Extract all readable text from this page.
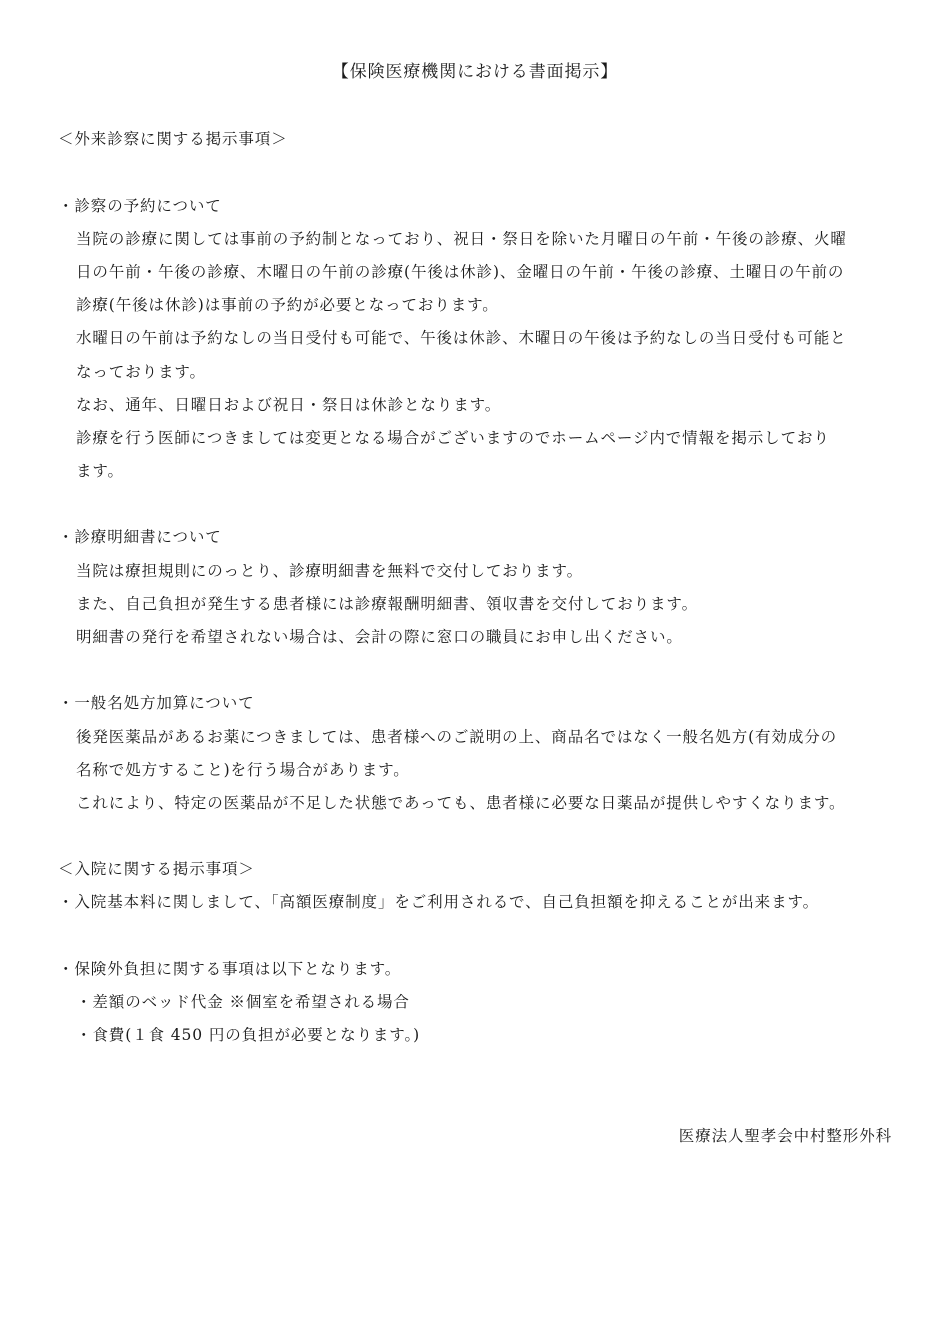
【保険医療機関における書面掲示】
＜外来診察に関する掲示事項＞
・診察の予約について
当院の診療に関しては事前の予約制となっており、祝日・祭日を除いた月曜日の午前・午後の診療、火曜
日の午前・午後の診療、木曜日の午前の診療(午後は休診)、金曜日の午前・午後の診療、土曜日の午前の
診療(午後は休診)は事前の予約が必要となっております。
水曜日の午前は予約なしの当日受付も可能で、午後は休診、木曜日の午後は予約なしの当日受付も可能と
なっております。
なお、通年、日曜日および祝日・祭日は休診となります。
診療を行う医師につきましては変更となる場合がございますのでホームページ内で情報を掲示しており
ます。
・診療明細書について
当院は療担規則にのっとり、診療明細書を無料で交付しております。
また、自己負担が発生する患者様には診療報酬明細書、領収書を交付しております。
明細書の発行を希望されない場合は、会計の際に窓口の職員にお申し出ください。
・一般名処方加算について
後発医薬品があるお薬につきましては、患者様へのご説明の上、商品名ではなく一般名処方(有効成分の
名称で処方すること)を行う場合があります。
これにより、特定の医薬品が不足した状態であっても、患者様に必要な日薬品が提供しやすくなります。
＜入院に関する掲示事項＞
・入院基本料に関しまして、「高額医療制度」をご利用されるで、自己負担額を抑えることが出来ます。
・保険外負担に関する事項は以下となります。
・差額のベッド代金 ※個室を希望される場合
・食費(１食 450 円の負担が必要となります。)
医療法人聖孝会中村整形外科
